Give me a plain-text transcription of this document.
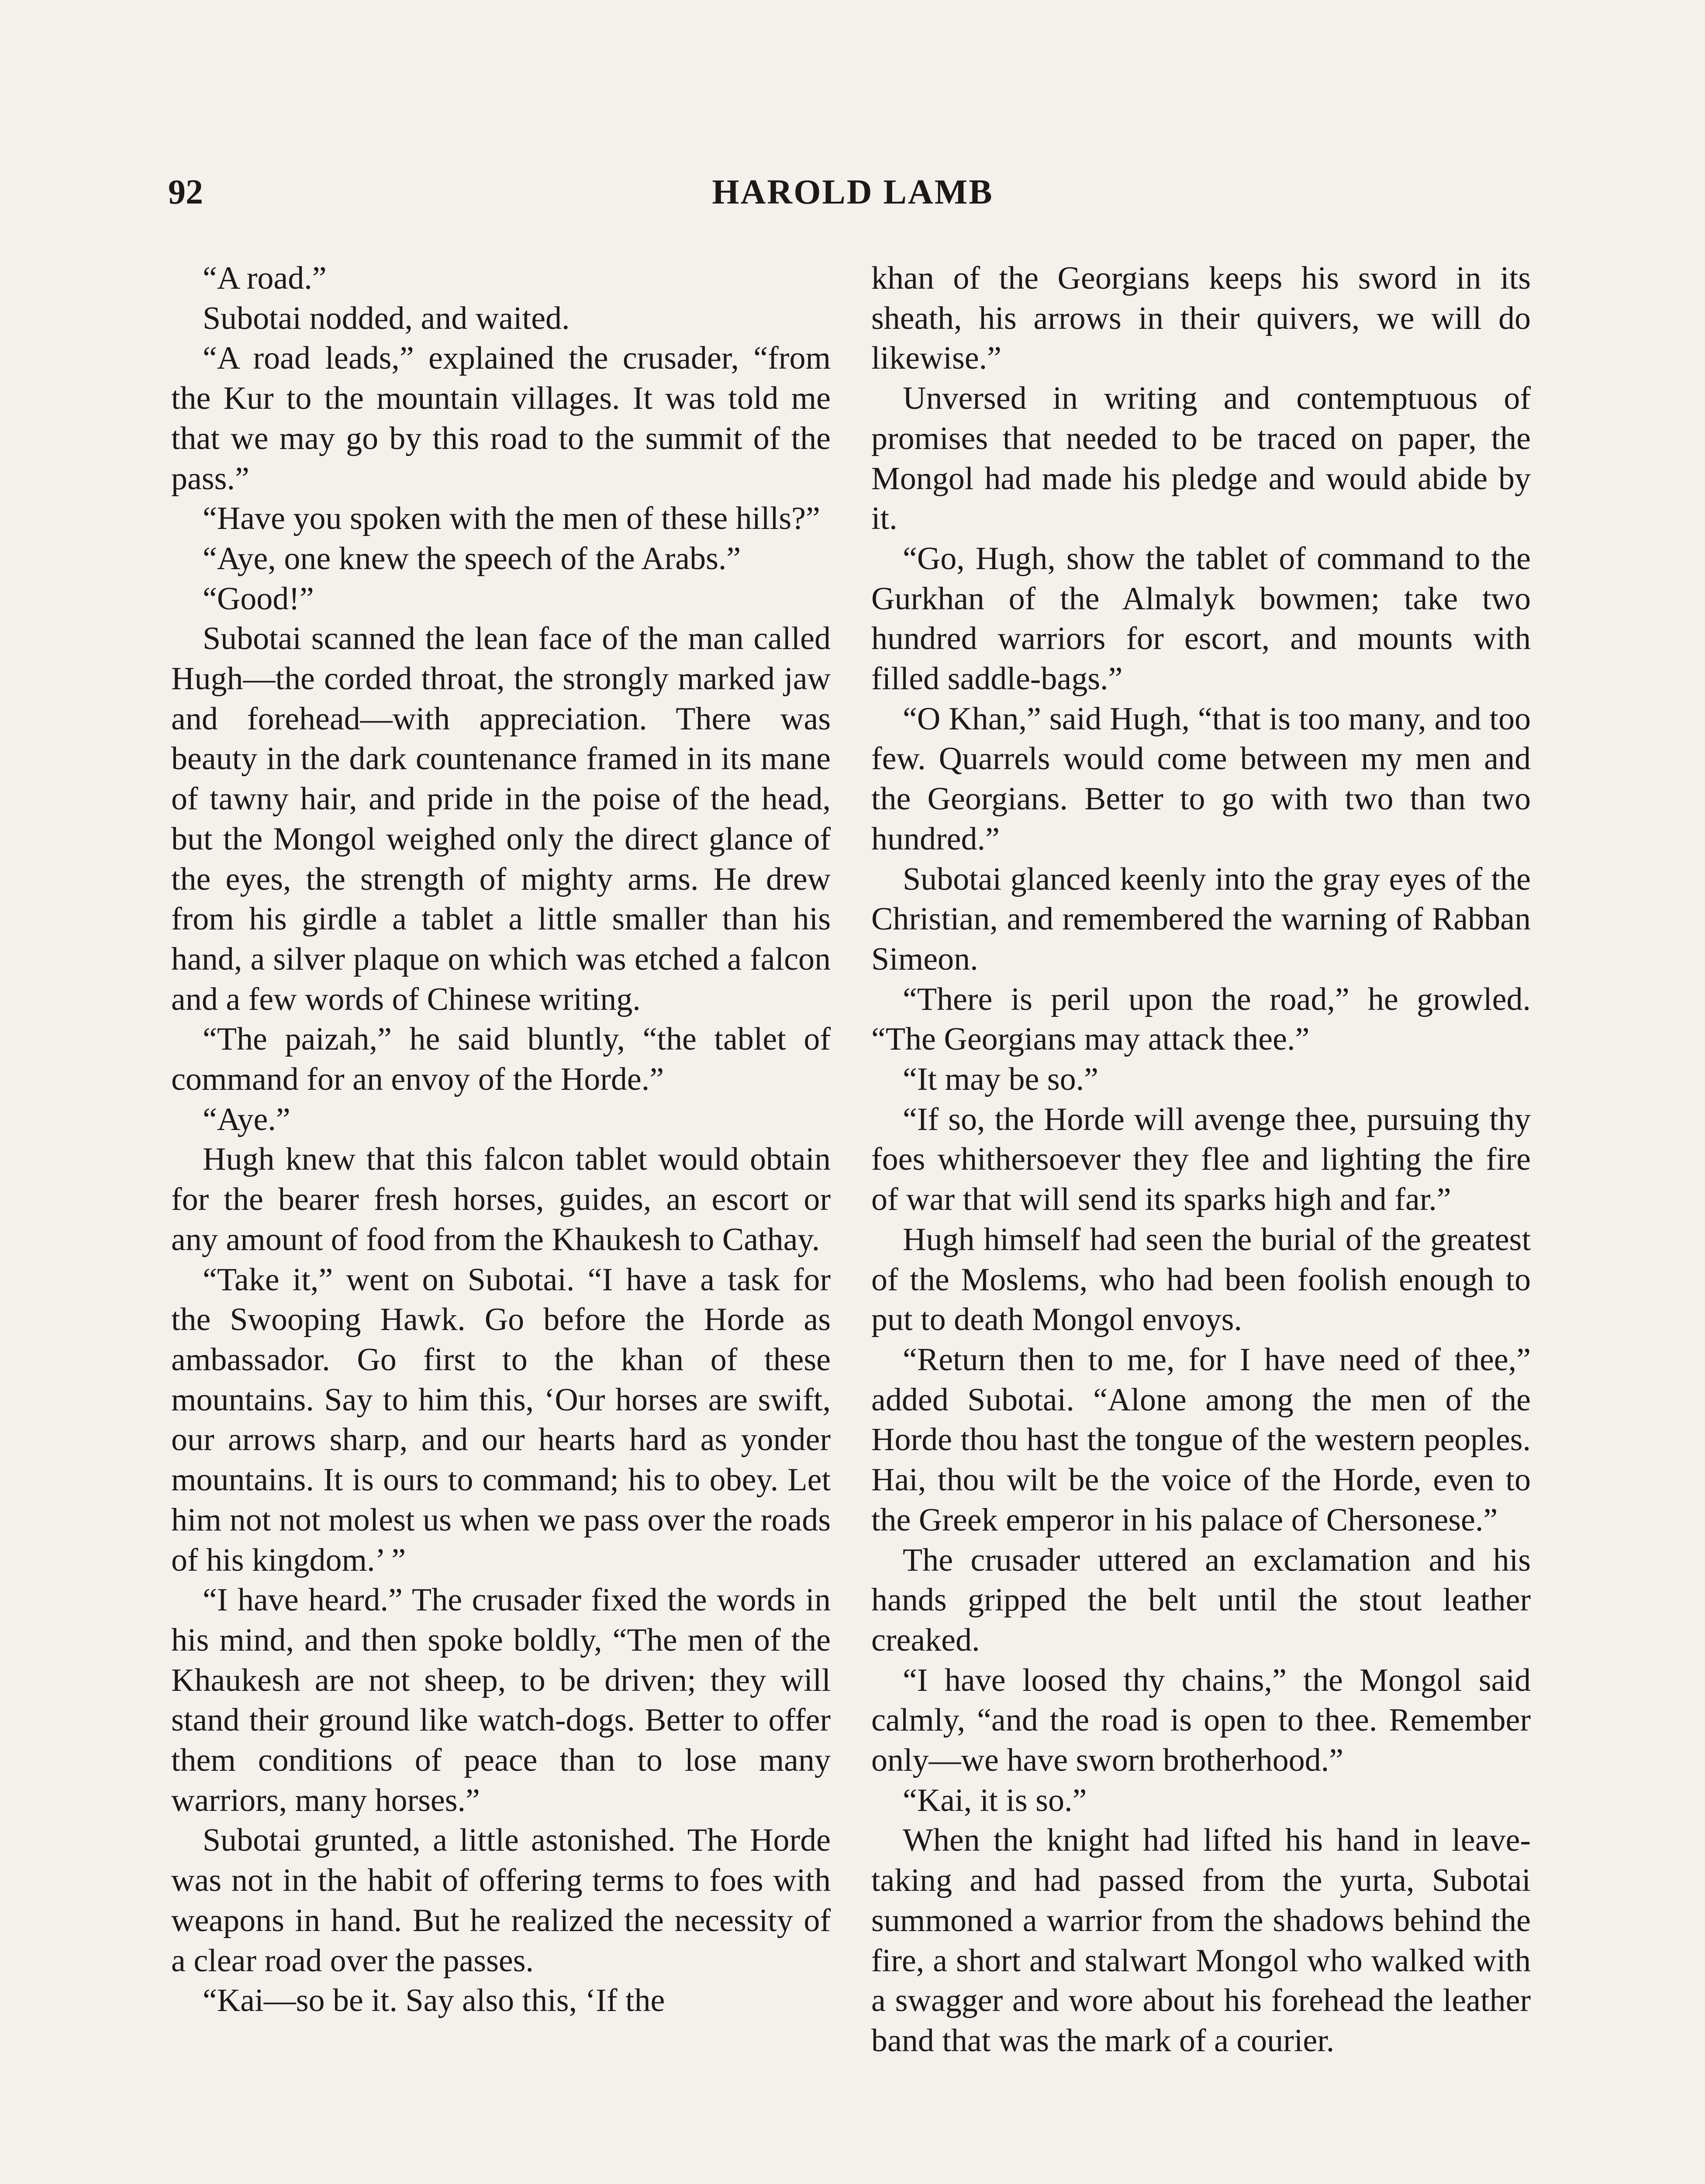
92	HAROLD LAMB

“A road.”

Subotai nodded, and waited.

“A road leads,” explained the crusader, “from the Kur to the mountain villages. It was told me that we may go by this road to the summit of the pass.”

“Have you spoken with the men of these hills?”

“Aye, one knew the speech of the Arabs.”

“Good!”

Subotai scanned the lean face of the man called Hugh—the corded throat, the strongly marked jaw and forehead—with appreciation. There was beauty in the dark countenance framed in its mane of tawny hair, and pride in the poise of the head, but the Mongol weighed only the direct glance of the eyes, the strength of mighty arms. He drew from his girdle a tablet a little smaller than his hand, a silver plaque on which was etched a falcon and a few words of Chinese writing.

“The paizah,” he said bluntly, “the tablet of command for an envoy of the Horde.”

“Aye.”

Hugh knew that this falcon tablet would obtain for the bearer fresh horses, guides, an escort or any amount of food from the Khaukesh to Cathay.

“Take it,” went on Subotai. “I have a task for the Swooping Hawk. Go before the Horde as ambassador. Go first to the khan of these mountains. Say to him this, ‘Our horses are swift, our arrows sharp, and our hearts hard as yonder mountains. It is ours to command; his to obey. Let him not not molest us when we pass over the roads of his kingdom.’ ”

“I have heard.” The crusader fixed the words in his mind, and then spoke boldly, “The men of the Khaukesh are not sheep, to be driven; they will stand their ground like watch-dogs. Better to offer them conditions of peace than to lose many warriors, many horses.”

Subotai grunted, a little astonished. The Horde was not in the habit of offering terms to foes with weapons in hand. But he realized the necessity of a clear road over the passes.

“Kai—so be it. Say also this, ‘If the

khan of the Georgians keeps his sword in its sheath, his arrows in their quivers, we will do likewise.”

Unversed in writing and contemptuous of promises that needed to be traced on paper, the Mongol had made his pledge and would abide by it.

“Go, Hugh, show the tablet of command to the Gurkhan of the Almalyk bowmen; take two hundred warriors for escort, and mounts with filled saddle-bags.”

“O Khan,” said Hugh, “that is too many, and too few. Quarrels would come between my men and the Georgians. Better to go with two than two hundred.”

Subotai glanced keenly into the gray eyes of the Christian, and remembered the warning of Rabban Simeon.

“There is peril upon the road,” he growled. “The Georgians may attack thee.”

“It may be so.”

“If so, the Horde will avenge thee, pursuing thy foes whithersoever they flee and lighting the fire of war that will send its sparks high and far.”

Hugh himself had seen the burial of the greatest of the Moslems, who had been foolish enough to put to death Mongol envoys.

“Return then to me, for I have need of thee,” added Subotai. “Alone among the men of the Horde thou hast the tongue of the western peoples. Hai, thou wilt be the voice of the Horde, even to the Greek emperor in his palace of Chersonese.”

The crusader uttered an exclamation and his hands gripped the belt until the stout leather creaked.

“I have loosed thy chains,” the Mongol said calmly, “and the road is open to thee. Remember only—we have sworn brotherhood.”

“Kai, it is so.”

When the knight had lifted his hand in leave-taking and had passed from the yurta, Subotai summoned a warrior from the shadows behind the fire, a short and stalwart Mongol who walked with a swagger and wore about his forehead the leather band that was the mark of a courier.
